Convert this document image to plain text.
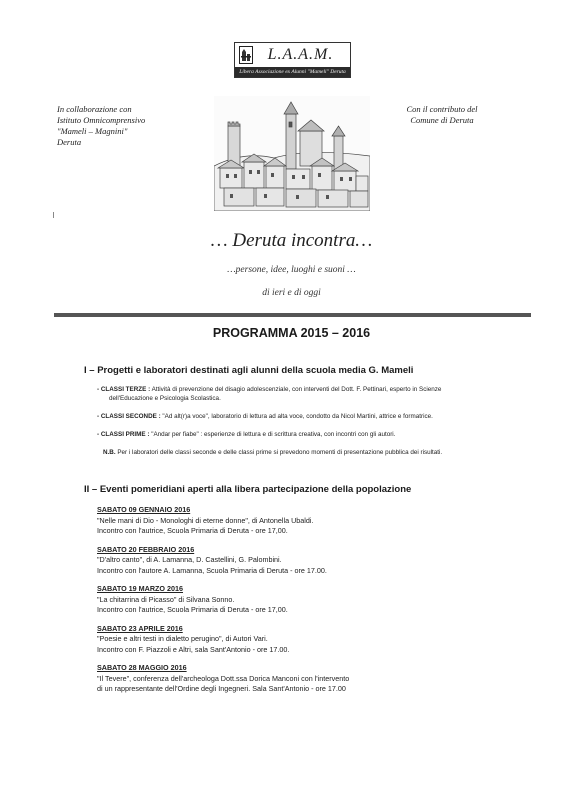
L.A.A.M.
Libera Associazione ex Alunni "Mameli" Deruta
In collaborazione con
Istituto Omnicomprensivo
"Mameli – Magnini"
Deruta
Con il contributo del
Comune di Deruta
… Deruta incontra…
…persone, idee, luoghi e suoni …
di ieri e di oggi
PROGRAMMA 2015 – 2016
I – Progetti e laboratori destinati agli alunni della scuola media G. Mameli
- CLASSI TERZE : Attività di prevenzione del disagio adolescenziale, con interventi del Dott. F. Pettinari, esperto in Scienze
dell'Educazione e Psicologia Scolastica.
- CLASSI SECONDE : "Ad alt(r)a voce", laboratorio di lettura ad alta voce, condotto da Nicol Martini, attrice e formatrice.
- CLASSI PRIME : "Andar per fiabe" : esperienze di lettura e di scrittura creativa, con incontri con gli autori.
N.B. Per i laboratori delle classi seconde e delle classi prime si prevedono momenti di presentazione pubblica dei risultati.
II – Eventi pomeridiani aperti alla libera partecipazione della popolazione
SABATO 09 GENNAIO 2016
"Nelle mani di Dio - Monologhi di eterne donne", di Antonella Ubaldi.
Incontro con l'autrice, Scuola Primaria di Deruta - ore 17,00.
SABATO 20 FEBBRAIO 2016
"D'altro canto", di A. Lamanna, D. Castellini, G. Palombini.
Incontro con l'autore A. Lamanna, Scuola Primaria di Deruta - ore 17.00.
SABATO 19 MARZO 2016
"La chitarrina di Picasso" di Silvana Sonno.
Incontro con l'autrice, Scuola Primaria di Deruta - ore 17,00.
SABATO 23 APRILE 2016
"Poesie e altri testi in dialetto perugino", di Autori Vari.
Incontro con F. Piazzoli e Altri, sala Sant'Antonio - ore 17.00.
SABATO 28 MAGGIO 2016
"Il Tevere", conferenza dell'archeologa Dott.ssa Dorica Manconi con l'intervento
di un rappresentante dell'Ordine degli Ingegneri. Sala Sant'Antonio - ore 17.00
